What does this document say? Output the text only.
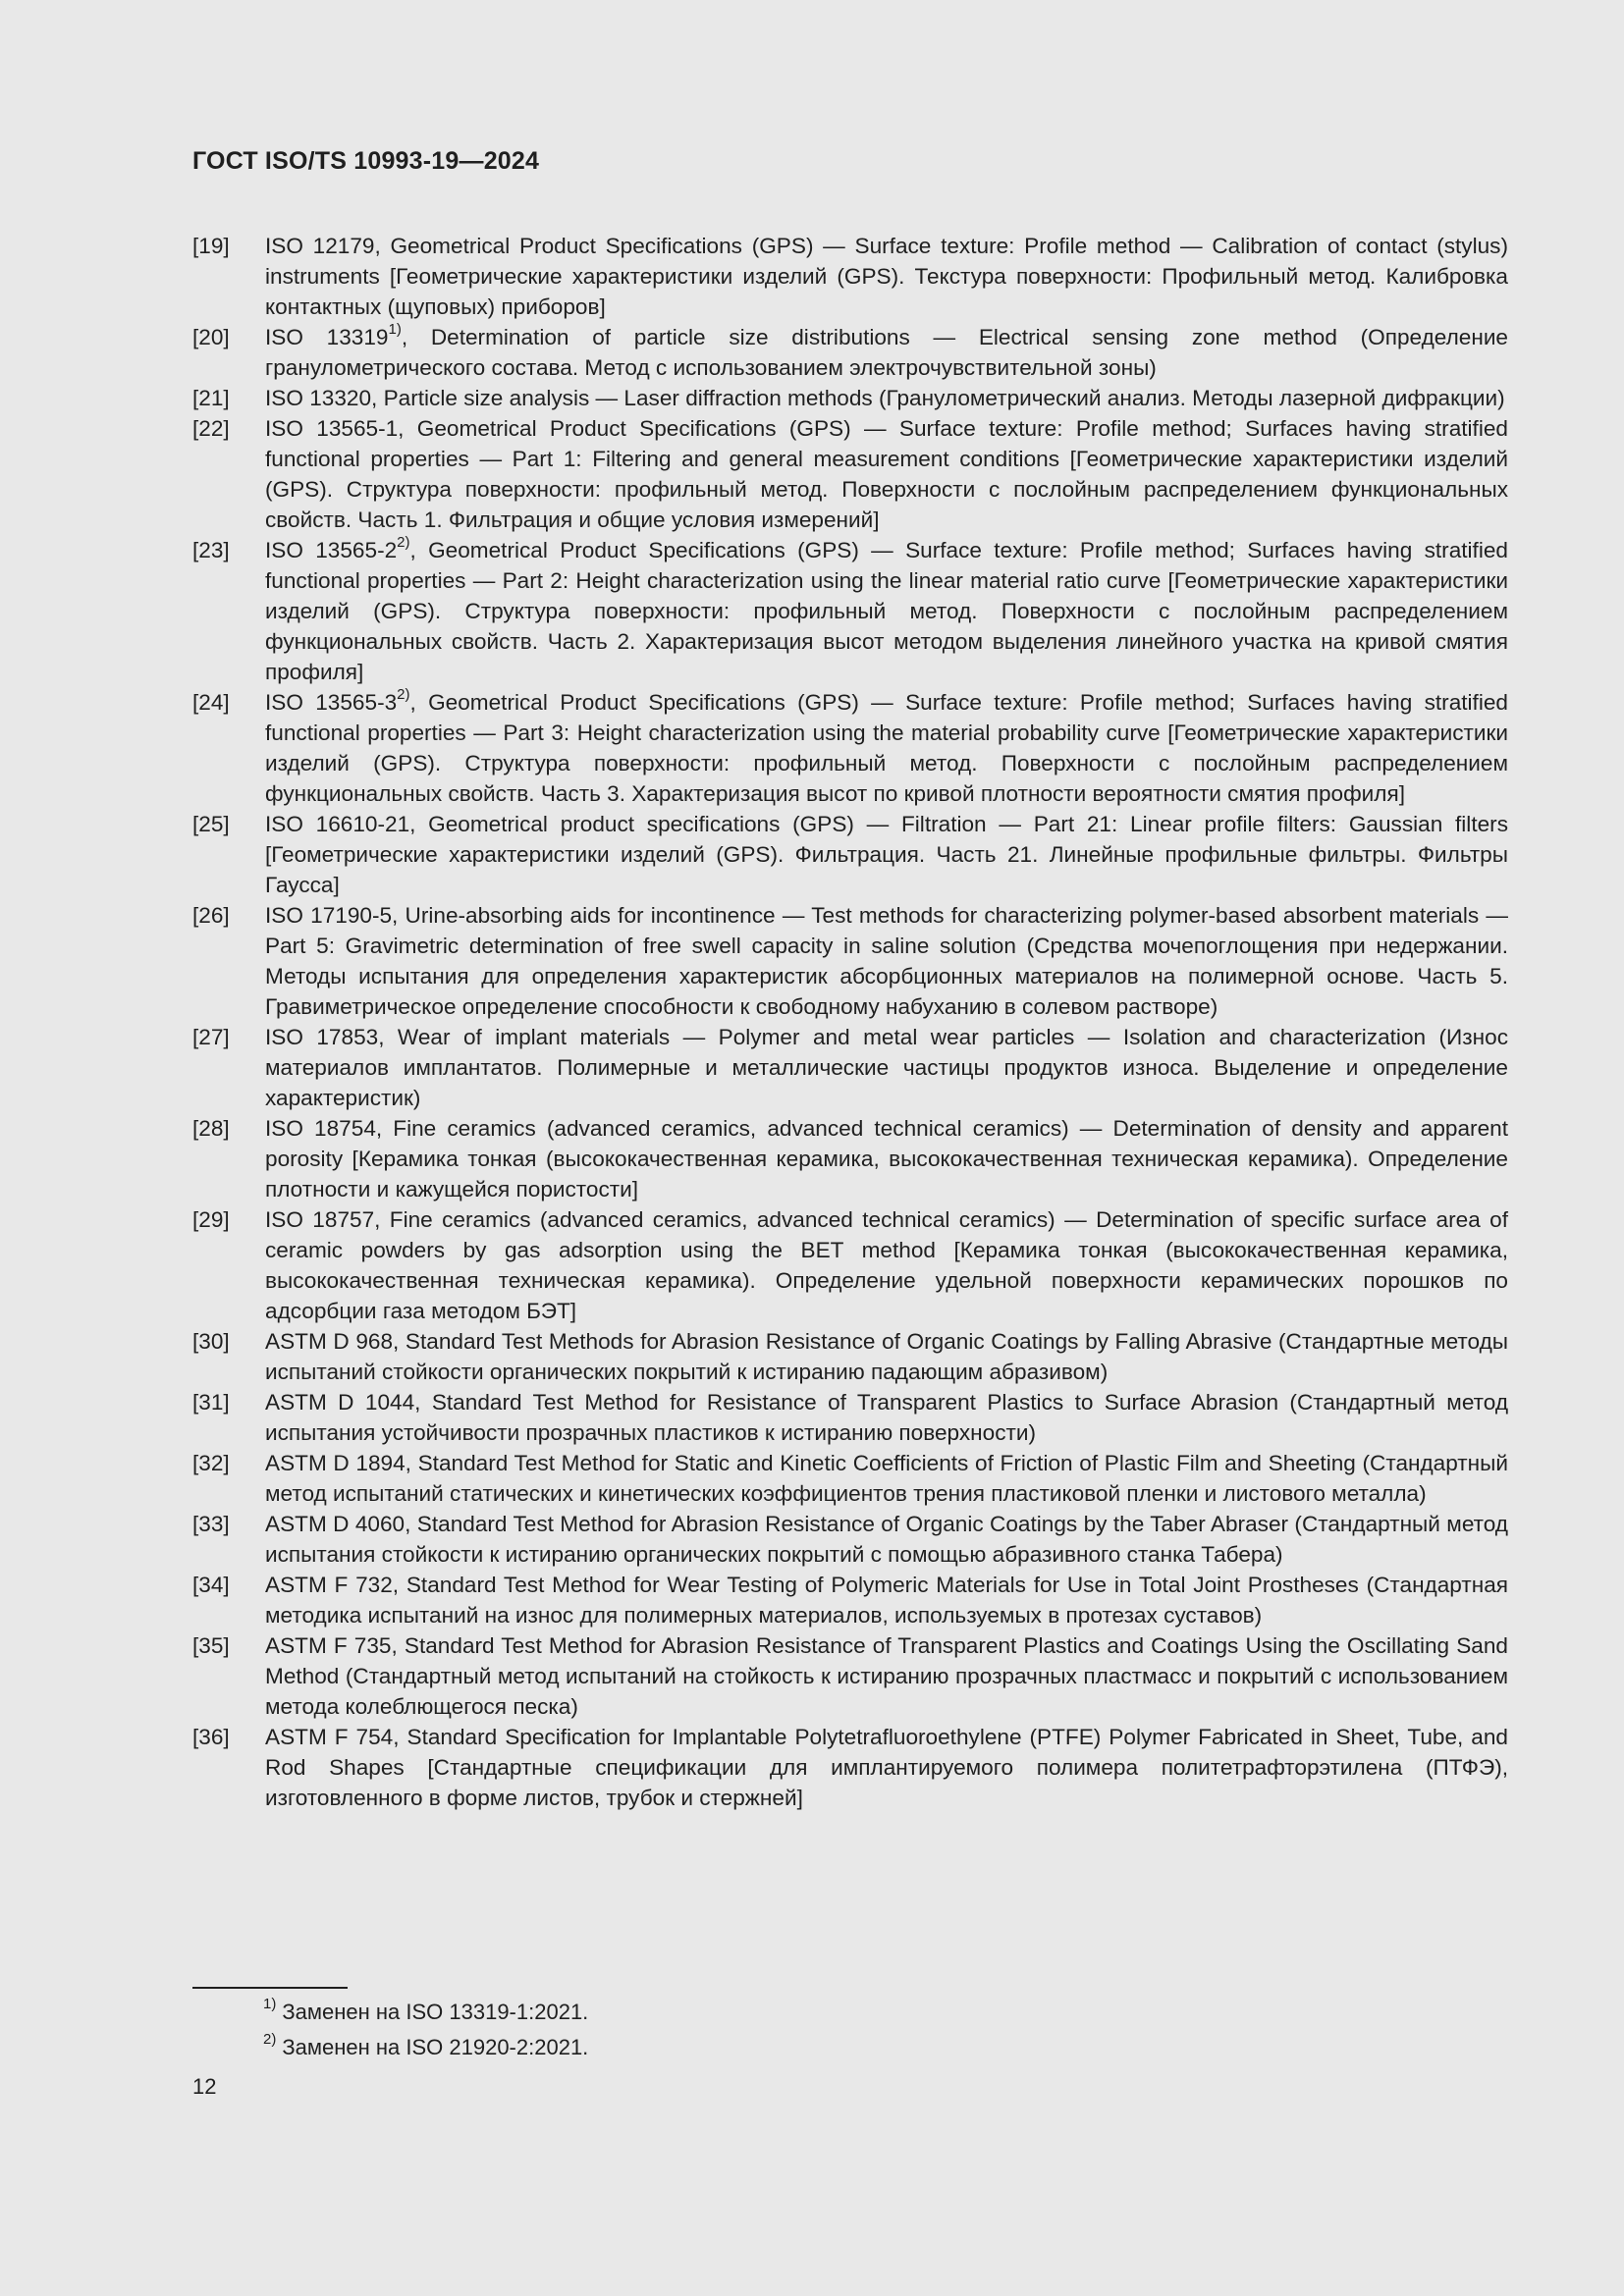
ГОСТ ISO/TS 10993-19—2024
[19]	ISO 12179, Geometrical Product Specifications (GPS) — Surface texture: Profile method — Calibration of contact (stylus) instruments [Геометрические характеристики изделий (GPS). Текстура поверхности: Профильный метод. Калибровка контактных (щуповых) приборов]
[20]	ISO 13319$^{1)}$, Determination of particle size distributions — Electrical sensing zone method (Определение гранулометрического состава. Метод с использованием электрочувствительной зоны)
[21]	ISO 13320, Particle size analysis — Laser diffraction methods (Гранулометрический анализ. Методы лазерной дифракции)
[22]	ISO 13565-1, Geometrical Product Specifications (GPS) — Surface texture: Profile method; Surfaces having stratified functional properties — Part 1: Filtering and general measurement conditions [Геометрические характеристики изделий (GPS). Структура поверхности: профильный метод. Поверхности с послойным распределением функциональных свойств. Часть 1. Фильтрация и общие условия измерений]
[23]	ISO 13565-2$^{2)}$, Geometrical Product Specifications (GPS) — Surface texture: Profile method; Surfaces having stratified functional properties — Part 2: Height characterization using the linear material ratio curve [Геометрические характеристики изделий (GPS). Структура поверхности: профильный метод. Поверхности с послойным распределением функциональных свойств. Часть 2. Характеризация высот методом выделения линейного участка на кривой смятия профиля]
[24]	ISO 13565-3$^{2)}$, Geometrical Product Specifications (GPS) — Surface texture: Profile method; Surfaces having stratified functional properties — Part 3: Height characterization using the material probability curve [Геометрические характеристики изделий (GPS). Структура поверхности: профильный метод. Поверхности с послойным распределением функциональных свойств. Часть 3. Характеризация высот по кривой плотности вероятности смятия профиля]
[25]	ISO 16610-21, Geometrical product specifications (GPS) — Filtration — Part 21: Linear profile filters: Gaussian filters [Геометрические характеристики изделий (GPS). Фильтрация. Часть 21. Линейные профильные фильтры. Фильтры Гаусса]
[26]	ISO 17190-5, Urine-absorbing aids for incontinence — Test methods for characterizing polymer-based absorbent materials — Part 5: Gravimetric determination of free swell capacity in saline solution (Средства мочепоглощения при недержании. Методы испытания для определения характеристик абсорбционных материалов на полимерной основе. Часть 5. Гравиметрическое определение способности к свободному набуханию в солевом растворе)
[27]	ISO 17853, Wear of implant materials — Polymer and metal wear particles — Isolation and characterization (Износ материалов имплантатов. Полимерные и металлические частицы продуктов износа. Выделение и определение характеристик)
[28]	ISO 18754, Fine ceramics (advanced ceramics, advanced technical ceramics) — Determination of density and apparent porosity [Керамика тонкая (высококачественная керамика, высококачественная техническая керамика). Определение плотности и кажущейся пористости]
[29]	ISO 18757, Fine ceramics (advanced ceramics, advanced technical ceramics) — Determination of specific surface area of ceramic powders by gas adsorption using the BET method [Керамика тонкая (высококачественная керамика, высококачественная техническая керамика). Определение удельной поверхности керамических порошков по адсорбции газа методом БЭТ]
[30]	ASTM D 968, Standard Test Methods for Abrasion Resistance of Organic Coatings by Falling Abrasive (Стандартные методы испытаний стойкости органических покрытий к истиранию падающим абразивом)
[31]	ASTM D 1044, Standard Test Method for Resistance of Transparent Plastics to Surface Abrasion (Стандартный метод испытания устойчивости прозрачных пластиков к истиранию поверхности)
[32]	ASTM D 1894, Standard Test Method for Static and Kinetic Coefficients of Friction of Plastic Film and Sheeting (Стандартный метод испытаний статических и кинетических коэффициентов трения пластиковой пленки и листового металла)
[33]	ASTM D 4060, Standard Test Method for Abrasion Resistance of Organic Coatings by the Taber Abraser (Стандартный метод испытания стойкости к истиранию органических покрытий с помощью абразивного станка Табера)
[34]	ASTM F 732, Standard Test Method for Wear Testing of Polymeric Materials for Use in Total Joint Prostheses (Стандартная методика испытаний на износ для полимерных материалов, используемых в протезах суставов)
[35]	ASTM F 735, Standard Test Method for Abrasion Resistance of Transparent Plastics and Coatings Using the Oscillating Sand Method (Стандартный метод испытаний на стойкость к истиранию прозрачных пластмасс и покрытий с использованием метода колеблющегося песка)
[36]	ASTM F 754, Standard Specification for Implantable Polytetrafluoroethylene (PTFE) Polymer Fabricated in Sheet, Tube, and Rod Shapes [Стандартные спецификации для имплантируемого полимера политетрафторэтилена (ПТФЭ), изготовленного в форме листов, трубок и стержней]
$^{1)}$ Заменен на ISO 13319-1:2021.
$^{2)}$ Заменен на ISO 21920-2:2021.
12
